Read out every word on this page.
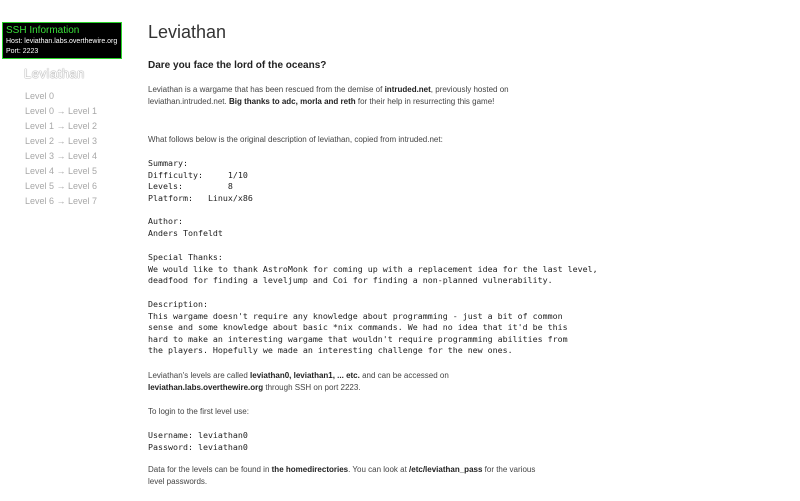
SSH Information
Host: leviathan.labs.overthewire.org
Port: 2223
Leviathan
Level 0
Level 0 → Level 1
Level 1 → Level 2
Level 2 → Level 3
Level 3 → Level 4
Level 4 → Level 5
Level 5 → Level 6
Level 6 → Level 7
Leviathan
Dare you face the lord of the oceans?
Leviathan is a wargame that has been rescued from the demise of intruded.net, previously hosted on leviathan.intruded.net. Big thanks to adc, morla and reth for their help in resurrecting this game!
What follows below is the original description of leviathan, copied from intruded.net:
Summary:
Difficulty:     1/10
Levels:         8
Platform:   Linux/x86
Author:
Anders Tonfeldt
Special Thanks:
We would like to thank AstroMonk for coming up with a replacement idea for the last level,
deadfood for finding a leveljump and Coi for finding a non-planned vulnerability.
Description:
This wargame doesn't require any knowledge about programming - just a bit of common
sense and some knowledge about basic *nix commands. We had no idea that it'd be this
hard to make an interesting wargame that wouldn't require programming abilities from
the players. Hopefully we made an interesting challenge for the new ones.
Leviathan's levels are called leviathan0, leviathan1, ... etc. and can be accessed on leviathan.labs.overthewire.org through SSH on port 2223.
To login to the first level use:
Username: leviathan0
Password: leviathan0
Data for the levels can be found in the homedirectories. You can look at /etc/leviathan_pass for the various level passwords.
